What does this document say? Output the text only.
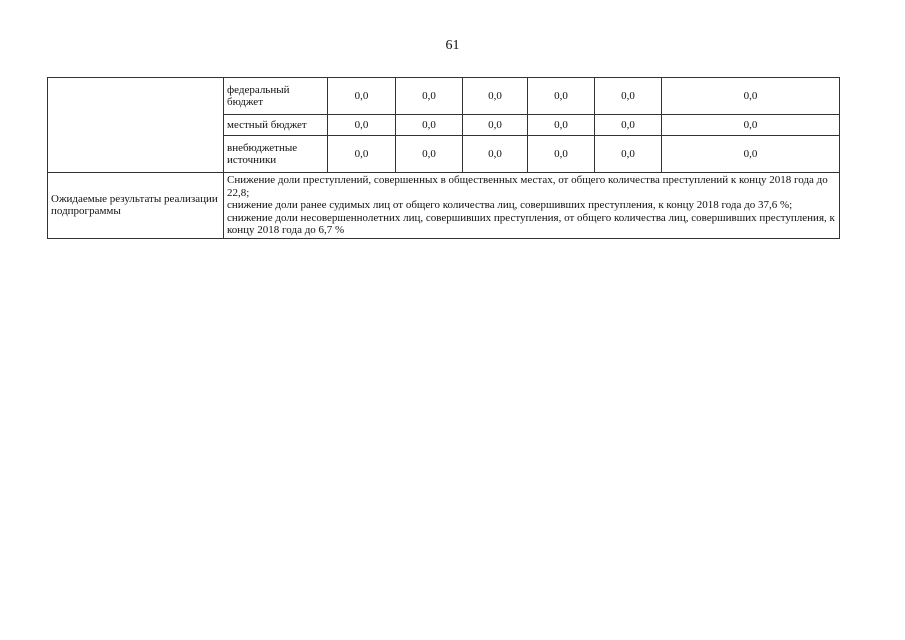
61
	федеральный бюджет	0,0	0,0	0,0	0,0	0,0	0,0
	местный бюджет	0,0	0,0	0,0	0,0	0,0	0,0
	внебюджетные источники	0,0	0,0	0,0	0,0	0,0	0,0
Ожидаемые результаты реализации подпрограммы	Снижение доли преступлений, совершенных в общественных местах, от общего количества преступлений к концу 2018 года до 22,8;
снижение доли ранее судимых лиц от общего количества лиц, совершивших преступления, к концу 2018 года до 37,6 %;
снижение доли несовершеннолетних лиц, совершивших преступления, от общего количества лиц, совершивших преступления, к концу 2018 года до 6,7 %						
